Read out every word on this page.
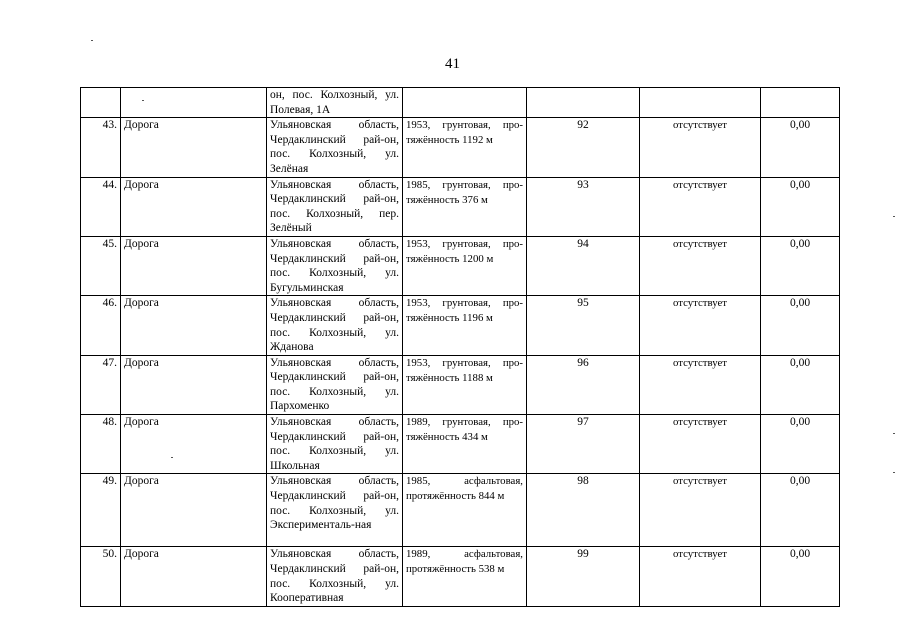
41
		он, пос. Колхозный, ул. Полевая, 1А				
43.	Дорога	Ульяновская область, Чердаклинский рай-он, пос. Колхозный, ул. Зелёная	1953, грунтовая, про-тяжённость 1192 м	92	отсутствует	0,00
44.	Дорога	Ульяновская область, Чердаклинский рай-он, пос. Колхозный, пер. Зелёный	1985, грунтовая, про-тяжённость 376 м	93	отсутствует	0,00
45.	Дорога	Ульяновская область, Чердаклинский рай-он, пос. Колхозный, ул. Бугульминская	1953, грунтовая, про-тяжённость 1200 м	94	отсутствует	0,00
46.	Дорога	Ульяновская область, Чердаклинский рай-он, пос. Колхозный, ул. Жданова	1953, грунтовая, про-тяжённость 1196 м	95	отсутствует	0,00
47.	Дорога	Ульяновская область, Чердаклинский рай-он, пос. Колхозный, ул. Пархоменко	1953, грунтовая, про-тяжённость 1188 м	96	отсутствует	0,00
48.	Дорога	Ульяновская область, Чердаклинский рай-он, пос. Колхозный, ул. Школьная	1989, грунтовая, про-тяжённость 434 м	97	отсутствует	0,00
49.	Дорога	Ульяновская область, Чердаклинский рай-он, пос. Колхозный, ул. Эксперименталь-ная	1985, асфальтовая, протяжённость 844 м	98	отсутствует	0,00
50.	Дорога	Ульяновская область, Чердаклинский рай-он, пос. Колхозный, ул. Кооперативная	1989, асфальтовая, протяжённость 538 м	99	отсутствует	0,00
